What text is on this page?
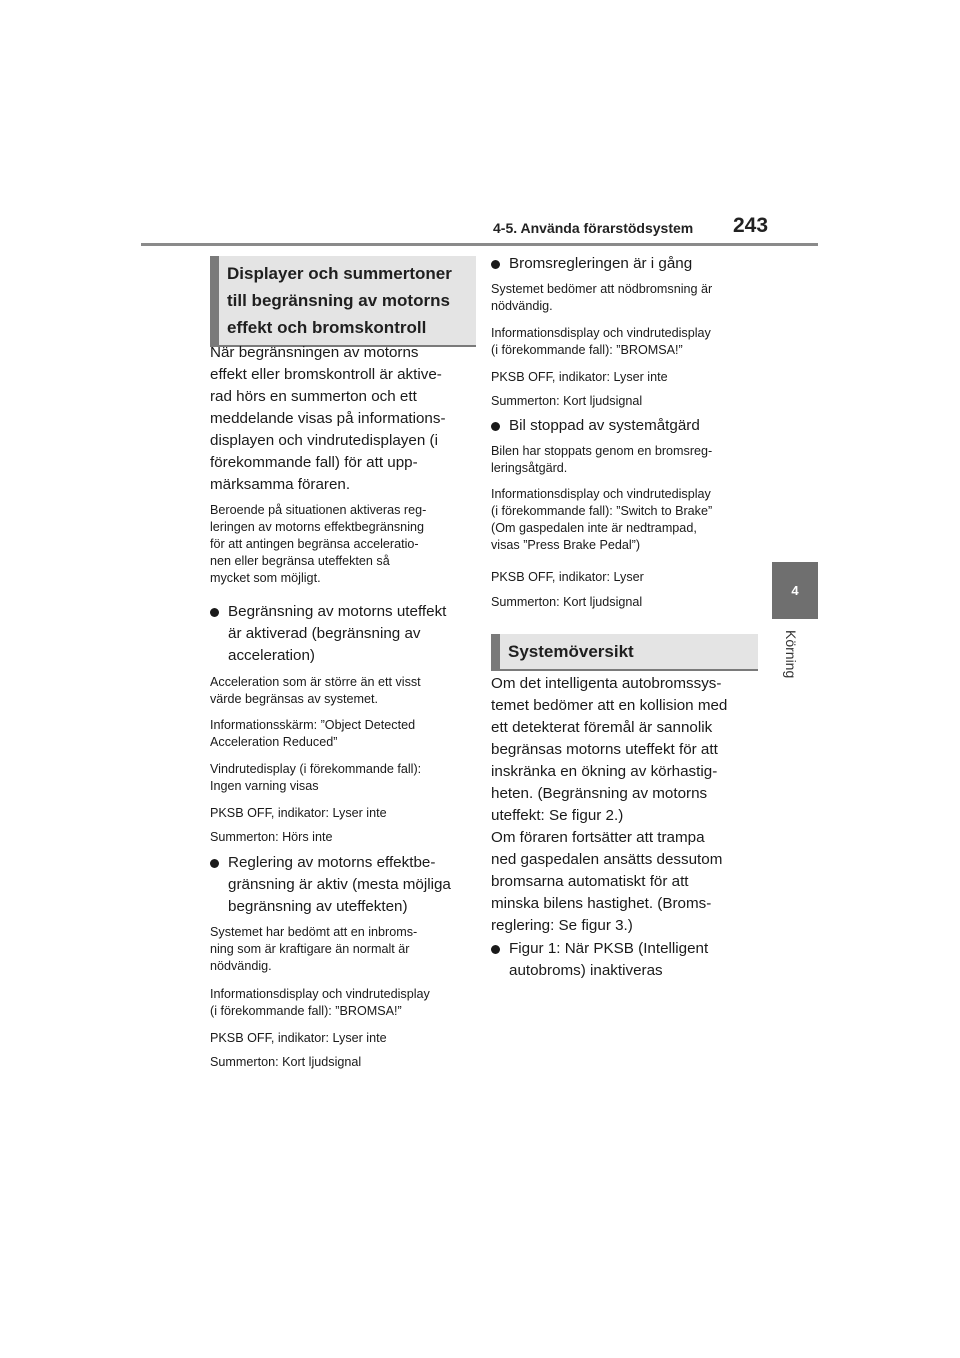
4-5. Använda förarstödsystem 243
4
Körning
Displayer och summertoner
till begränsning av motorns
effekt och bromskontroll

När begränsningen av motorns

effekt eller bromskontroll är aktive-

rad hörs en summerton och ett

meddelande visas på informations-

displayen och vindrutedisplayen (i

förekommande fall) för att upp-

märksamma föraren.

Beroende på situationen aktiveras reg-

leringen av motorns effektbegränsning

för att antingen begränsa acceleratio-

nen eller begränsa uteffekten så

mycket som möjligt.

Begränsning av motorns uteffekt
är aktiverad (begränsning av
acceleration)

Acceleration som är större än ett visst

värde begränsas av systemet.

Informationsskärm: ”Object Detected

Acceleration Reduced”

Vindrutedisplay (i förekommande fall):

Ingen varning visas

PKSB OFF, indikator: Lyser inte

Summerton: Hörs inte

Reglering av motorns effektbe-
gränsning är aktiv (mesta möjliga
begränsning av uteffekten)

Systemet har bedömt att en inbroms-

ning som är kraftigare än normalt är

nödvändig.

Informationsdisplay och vindrutedisplay

(i förekommande fall): ”BROMSA!”

PKSB OFF, indikator: Lyser inte

Summerton: Kort ljudsignal

Bromsregleringen är i gång

Systemet bedömer att nödbromsning är

nödvändig.

Informationsdisplay och vindrutedisplay

(i förekommande fall): ”BROMSA!”

PKSB OFF, indikator: Lyser inte

Summerton: Kort ljudsignal

Bil stoppad av systemåtgärd

Bilen har stoppats genom en bromsreg-

leringsåtgärd.

Informationsdisplay och vindrutedisplay

(i förekommande fall): ”Switch to Brake”

(Om gaspedalen inte är nedtrampad,

visas ”Press Brake Pedal”)

PKSB OFF, indikator: Lyser

Summerton: Kort ljudsignal

Systemöversikt

Om det intelligenta autobromssys-

temet bedömer att en kollision med

ett detekterat föremål är sannolik

begränsas motorns uteffekt för att

inskränka en ökning av körhastig-

heten. (Begränsning av motorns

uteffekt: Se figur 2.)

Om föraren fortsätter att trampa

ned gaspedalen ansätts dessutom

bromsarna automatiskt för att

minska bilens hastighet. (Broms-

reglering: Se figur 3.)

Figur 1: När PKSB (Intelligent
autobroms) inaktiveras
